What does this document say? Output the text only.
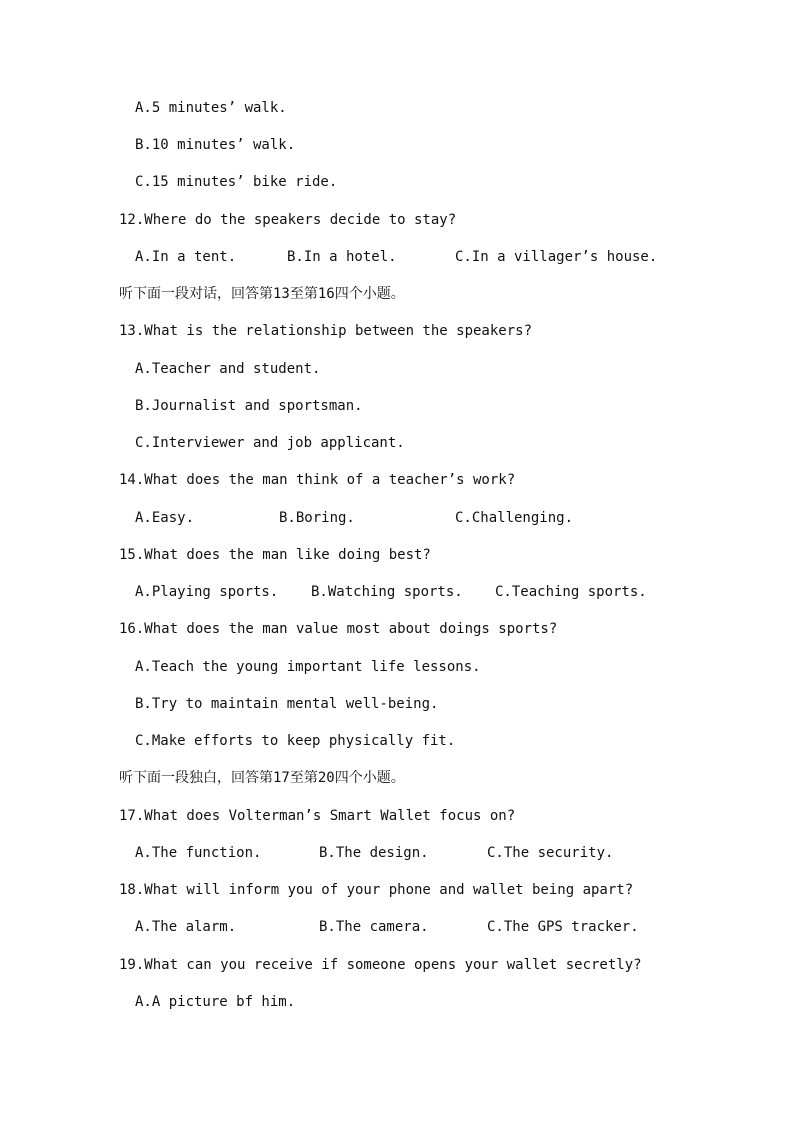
A.5 minutes’ walk.

B.10 minutes’ walk.

C.15 minutes’ bike ride.

12.Where do the speakers decide to stay?

A.In a tent.

	B.In a hotel.

	C.In a villager’s house.

听下面一段对话，回答第13至第16四个小题。

13.What is the relationship between the speakers?

A.Teacher and student.

B.Journalist and sportsman.

C.Interviewer and job applicant.

14.What does the man think of a teacher’s work?

A.Easy.

	B.Boring.

	C.Challenging.

15.What does the man like doing best?

A.Playing sports.

B.Watching sports.

C.Teaching sports.

16.What does the man value most about doings sports?

A.Teach the young important life lessons.

B.Try to maintain mental well-being.

C.Make efforts to keep physically fit.

听下面一段独白，回答第17至第20四个小题。

17.What does Volterman’s Smart Wallet focus on?

A.The function.

	B.The design.

	C.The security.

18.What will inform you of your phone and wallet being apart?

A.The alarm.

	B.The camera.

	C.The GPS tracker.

19.What can you receive if someone opens your wallet secretly?

A.A picture bf him.
